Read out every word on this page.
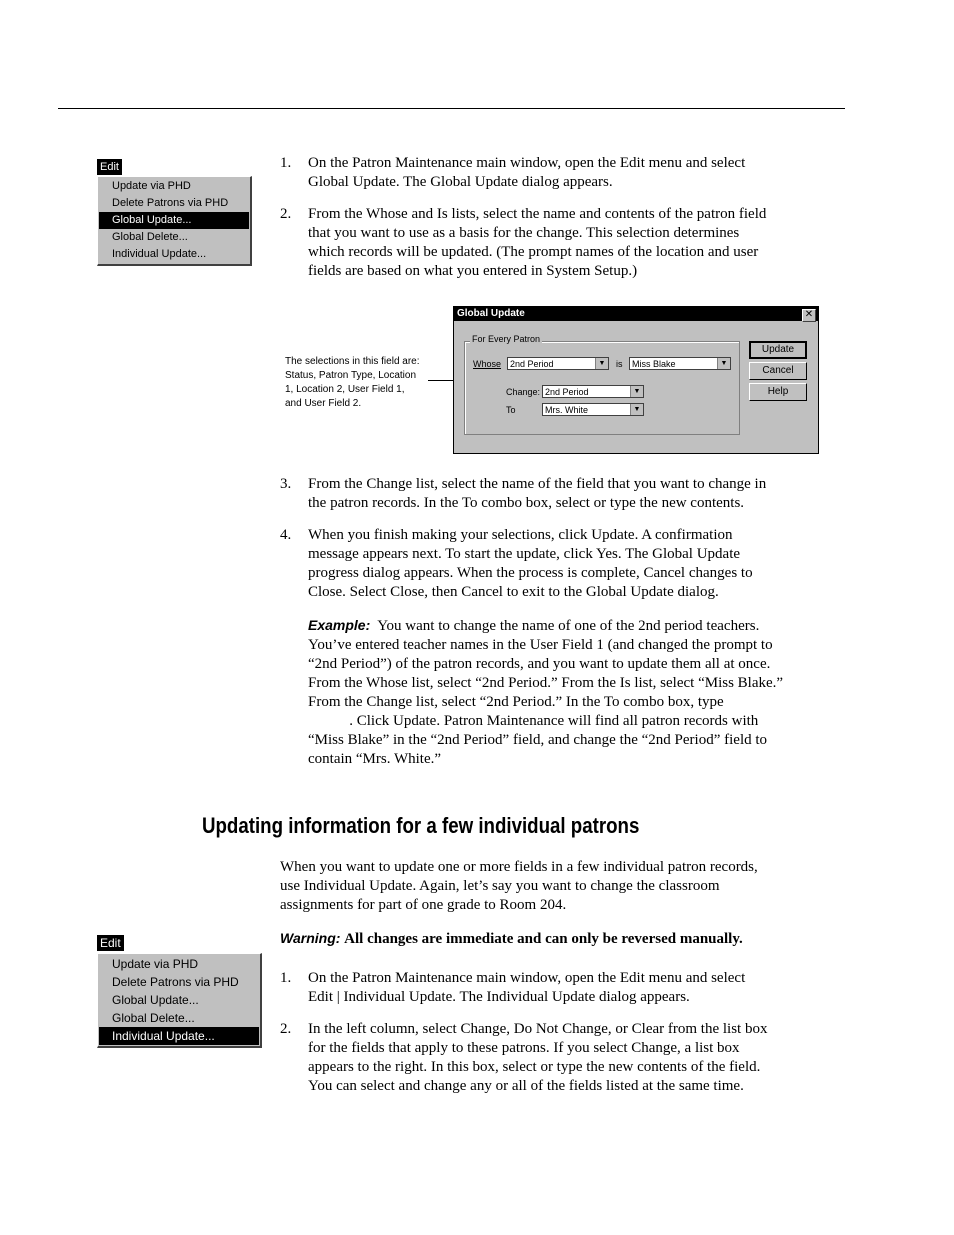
Edit
Update via PHD
Delete Patrons via PHD
Global Update...
Global Delete...
Individual Update...
1. On the Patron Maintenance main window, open the Edit menu and select
Global Update. The Global Update dialog appears.
2. From the Whose and Is lists, select the name and contents of the patron field
that you want to use as a basis for the change. This selection determines
which records will be updated. (The prompt names of the location and user
fields are based on what you entered in System Setup.)
The selections in this field are:
Status, Patron Type, Location
1, Location 2, User Field 1,
and User Field 2.
Global Update	✕
For Every Patron
Whose 2nd Period	▼ is	Miss Blake	▼
Change: 2nd Period	▼
To	Mrs. White	▼
Update
Cancel
Help
3. From the Change list, select the name of the field that you want to change in
the patron records. In the To combo box, select or type the new contents.
4. When you finish making your selections, click Update. A confirmation
message appears next. To start the update, click Yes. The Global Update
progress dialog appears. When the process is complete, Cancel changes to
Close. Select Close, then Cancel to exit to the Global Update dialog.
Example: You want to change the name of one of the 2nd period teachers.
You’ve entered teacher names in the User Field 1 (and changed the prompt to
“2nd Period”) of the patron records, and you want to update them all at once.
From the Whose list, select “2nd Period.” From the Is list, select “Miss Blake.”
From the Change list, select “2nd Period.” In the To combo box, type
. Click Update. Patron Maintenance will find all patron records with
“Miss Blake” in the “2nd Period” field, and change the “2nd Period” field to
contain “Mrs. White.”
Updating information for a few individual patrons
When you want to update one or more fields in a few individual patron records,
use Individual Update. Again, let’s say you want to change the classroom
assignments for part of one grade to Room 204.
Warning: All changes are immediate and can only be reversed manually.
Edit
Update via PHD
Delete Patrons via PHD
Global Update...
Global Delete...
Individual Update...
1. On the Patron Maintenance main window, open the Edit menu and select
Edit | Individual Update. The Individual Update dialog appears.
2. In the left column, select Change, Do Not Change, or Clear from the list box
for the fields that apply to these patrons. If you select Change, a list box
appears to the right. In this box, select or type the new contents of the field.
You can select and change any or all of the fields listed at the same time.
